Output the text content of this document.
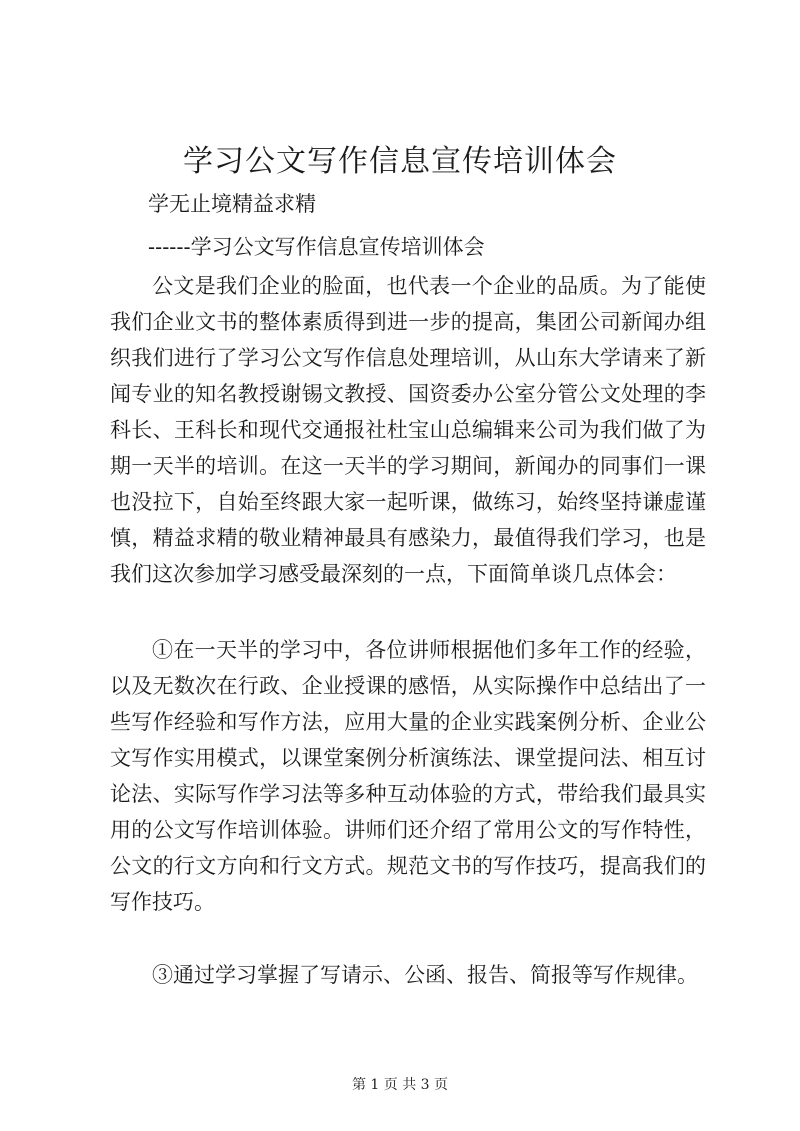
学习公文写作信息宣传培训体会

学无止境精益求精

------学习公文写作信息宣传培训体会

公文是我们企业的脸面，也代表一个企业的品质。为了能使我们企业文书的整体素质得到进一步的提高，集团公司新闻办组织我们进行了学习公文写作信息处理培训，从山东大学请来了新闻专业的知名教授谢锡文教授、国资委办公室分管公文处理的李科长、王科长和现代交通报社杜宝山总编辑来公司为我们做了为期一天半的培训。在这一天半的学习期间，新闻办的同事们一课也没拉下，自始至终跟大家一起听课，做练习，始终坚持谦虚谨慎，精益求精的敬业精神最具有感染力，最值得我们学习，也是我们这次参加学习感受最深刻的一点，下面简单谈几点体会：

①在一天半的学习中，各位讲师根据他们多年工作的经验，以及无数次在行政、企业授课的感悟，从实际操作中总结出了一些写作经验和写作方法，应用大量的企业实践案例分析、企业公文写作实用模式，以课堂案例分析演练法、课堂提问法、相互讨论法、实际写作学习法等多种互动体验的方式，带给我们最具实用的公文写作培训体验。讲师们还介绍了常用公文的写作特性，公文的行文方向和行文方式。规范文书的写作技巧，提高我们的写作技巧。

③通过学习掌握了写请示、公函、报告、简报等写作规律。

第 1 页 共 3 页
